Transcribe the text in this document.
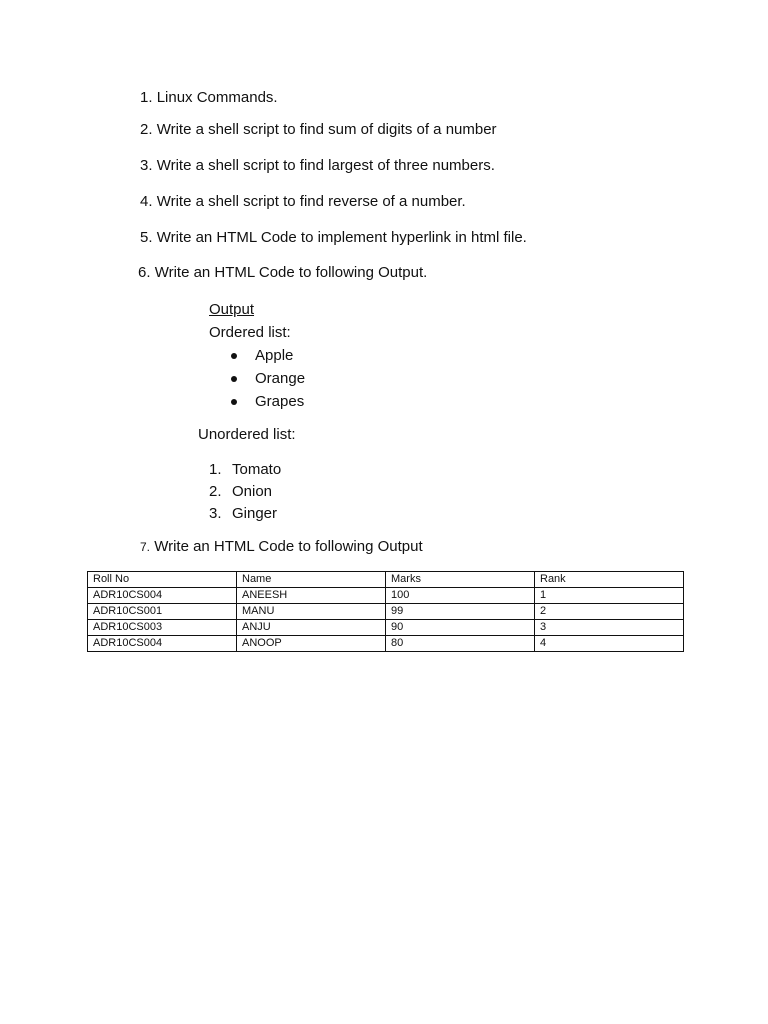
1. Linux Commands.
2. Write a shell script to find sum of digits of a number
3. Write a shell script to find largest of three numbers.
4. Write a shell script to find reverse of a number.
5. Write an HTML Code to implement hyperlink in html file.
6. Write an HTML Code to following Output.
Output
Ordered list:
Apple
Orange
Grapes
Unordered list:
1. Tomato
2. Onion
3. Ginger
7. Write an HTML Code to following Output
Roll No	Name	Marks	Rank
ADR10CS004	ANEESH	100	1
ADR10CS001	MANU	99	2
ADR10CS003	ANJU	90	3
ADR10CS004	ANOOP	80	4
